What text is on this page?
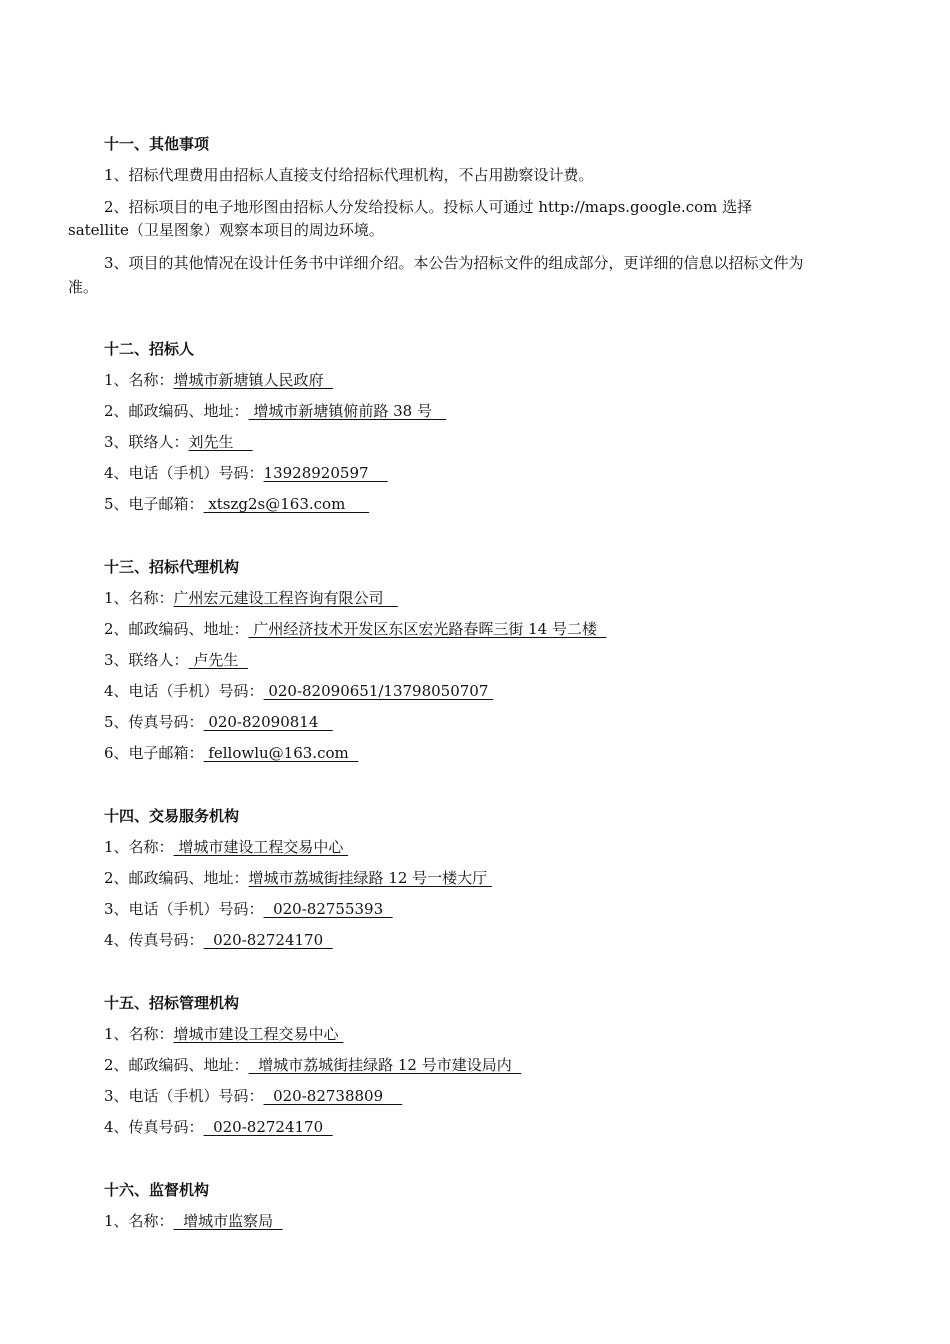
十一、其他事项
1、招标代理费用由招标人直接支付给招标代理机构，不占用勘察设计费。
2、招标项目的电子地形图由招标人分发给投标人。投标人可通过 http://maps.google.com 选择
satellite（卫星图象）观察本项目的周边环境。
3、项目的其他情况在设计任务书中详细介绍。本公告为招标文件的组成部分，更详细的信息以招标文件为
准。
十二、招标人
1、名称：增城市新塘镇人民政府
2、邮政编码、地址： 增城市新塘镇俯前路 38 号
3、联络人：刘先生
4、电话（手机）号码：13928920597
5、电子邮箱： xtszg2s@163.com
十三、招标代理机构
1、名称：广州宏元建设工程咨询有限公司
2、邮政编码、地址： 广州经济技术开发区东区宏光路春晖三街 14 号二楼
3、联络人： 卢先生
4、电话（手机）号码： 020-82090651/13798050707
5、传真号码： 020-82090814
6、电子邮箱： fellowlu@163.com
十四、交易服务机构
1、名称： 增城市建设工程交易中心
2、邮政编码、地址：增城市荔城街挂绿路 12 号一楼大厅
3、电话（手机）号码：  020-82755393
4、传真号码：  020-82724170
十五、招标管理机构
1、名称：增城市建设工程交易中心
2、邮政编码、地址：  增城市荔城街挂绿路 12 号市建设局内
3、电话（手机）号码：  020-82738809
4、传真号码：  020-82724170
十六、监督机构
1、名称：  增城市监察局
